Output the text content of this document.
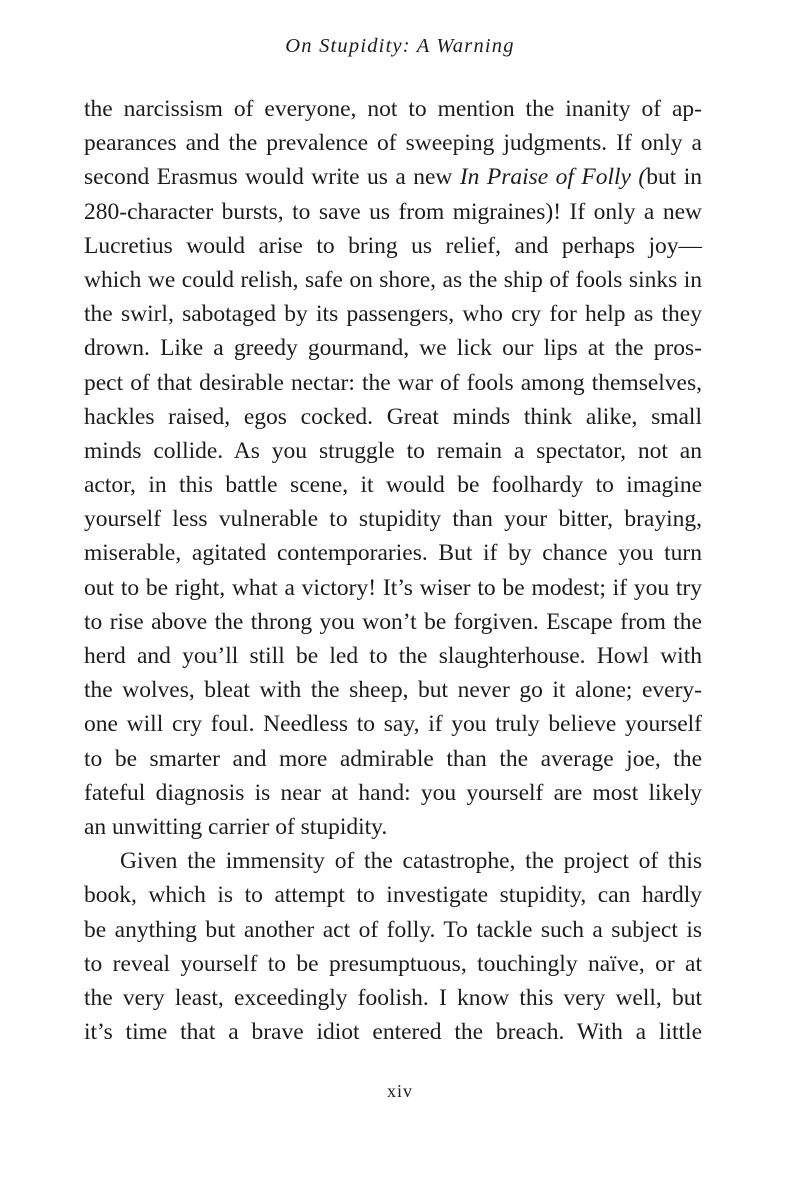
On Stupidity: A Warning
the narcissism of everyone, not to mention the inanity of ap-
pearances and the prevalence of sweeping judgments. If only a
second Erasmus would write us a new In Praise of Folly (but in
280-character bursts, to save us from migraines)! If only a new
Lucretius would arise to bring us relief, and perhaps joy—
which we could relish, safe on shore, as the ship of fools sinks in
the swirl, sabotaged by its passengers, who cry for help as they
drown. Like a greedy gourmand, we lick our lips at the pros-
pect of that desirable nectar: the war of fools among themselves,
hackles raised, egos cocked. Great minds think alike, small
minds collide. As you struggle to remain a spectator, not an
actor, in this battle scene, it would be foolhardy to imagine
yourself less vulnerable to stupidity than your bitter, braying,
miserable, agitated contemporaries. But if by chance you turn
out to be right, what a victory! It’s wiser to be modest; if you try
to rise above the throng you won’t be forgiven. Escape from the
herd and you’ll still be led to the slaughterhouse. Howl with
the wolves, bleat with the sheep, but never go it alone; every-
one will cry foul. Needless to say, if you truly believe yourself
to be smarter and more admirable than the average joe, the
fateful diagnosis is near at hand: you yourself are most likely
an unwitting carrier of stupidity.
Given the immensity of the catastrophe, the project of this
book, which is to attempt to investigate stupidity, can hardly
be anything but another act of folly. To tackle such a subject is
to reveal yourself to be presumptuous, touchingly naïve, or at
the very least, exceedingly foolish. I know this very well, but
it’s time that a brave idiot entered the breach. With a little
xiv
